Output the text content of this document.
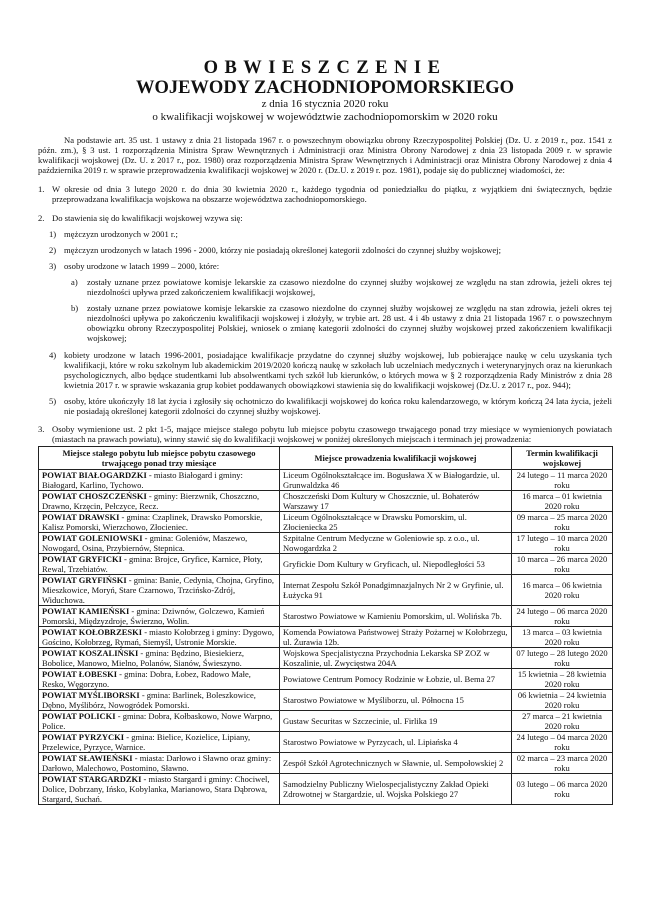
OBWIESZCZENIE

WOJEWODY ZACHODNIOPOMORSKIEGO

z dnia 16 stycznia 2020 roku

o kwalifikacji wojskowej w województwie zachodniopomorskim w 2020 roku

Na podstawie art. 35 ust. 1 ustawy z dnia 21 listopada 1967 r. o powszechnym obowiązku obrony Rzeczypospolitej Polskiej (Dz. U. z 2019 r., poz. 1541 z późn. zm.), § 3 ust. 1 rozporządzenia Ministra Spraw Wewnętrznych i Administracji oraz Ministra Obrony Narodowej z dnia 23 listopada 2009 r. w sprawie kwalifikacji wojskowej (Dz. U. z 2017 r., poz. 1980) oraz rozporządzenia Ministra Spraw Wewnętrznych i Administracji oraz Ministra Obrony Narodowej z dnia 4 października 2019 r. w sprawie przeprowadzenia kwalifikacji wojskowej w 2020 r. (Dz.U. z 2019 r. poz. 1981), podaje się do publicznej wiadomości, że:
1. W okresie od dnia 3 lutego 2020 r. do dnia 30 kwietnia 2020 r., każdego tygodnia od poniedziałku do piątku, z wyjątkiem dni świątecznych, będzie przeprowadzana kwalifikacja wojskowa na obszarze województwa zachodniopomorskiego.
2. Do stawienia się do kwalifikacji wojskowej wzywa się:
1) mężczyzn urodzonych w 2001 r.;
2) mężczyzn urodzonych w latach 1996 - 2000, którzy nie posiadają określonej kategorii zdolności do czynnej służby wojskowej;
3) osoby urodzone w latach 1999 – 2000, które:
a) zostały uznane przez powiatowe komisje lekarskie za czasowo niezdolne do czynnej służby wojskowej ze względu na stan zdrowia, jeżeli okres tej niezdolności upływa przed zakończeniem kwalifikacji wojskowej,
b) zostały uznane przez powiatowe komisje lekarskie za czasowo niezdolne do czynnej służby wojskowej ze względu na stan zdrowia, jeżeli okres tej niezdolności upływa po zakończeniu kwalifikacji wojskowej i złożyły, w trybie art. 28 ust. 4 i 4b ustawy z dnia 21 listopada 1967 r. o powszechnym obowiązku obrony Rzeczypospolitej Polskiej, wniosek o zmianę kategorii zdolności do czynnej służby wojskowej przed zakończeniem kwalifikacji wojskowej;
4) kobiety urodzone w latach 1996-2001, posiadające kwalifikacje przydatne do czynnej służby wojskowej, lub pobierające naukę w celu uzyskania tych kwalifikacji, które w roku szkolnym lub akademickim 2019/2020 kończą naukę w szkołach lub uczelniach medycznych i weterynaryjnych oraz na kierunkach psychologicznych, albo będące studentkami lub absolwentkami tych szkół lub kierunków, o których mowa w § 2 rozporządzenia Rady Ministrów z dnia 28 kwietnia 2017 r. w sprawie wskazania grup kobiet poddawanych obowiązkowi stawienia się do kwalifikacji wojskowej (Dz.U. z 2017 r., poz. 944);
5) osoby, które ukończyły 18 lat życia i zgłosiły się ochotniczo do kwalifikacji wojskowej do końca roku kalendarzowego, w którym kończą 24 lata życia, jeżeli nie posiadają określonej kategorii zdolności do czynnej służby wojskowej.
3. Osoby wymienione ust. 2 pkt 1-5, mające miejsce stałego pobytu lub miejsce pobytu czasowego trwającego ponad trzy miesiące w wymienionych powiatach (miastach na prawach powiatu), winny stawić się do kwalifikacji wojskowej w poniżej określonych miejscach i terminach jej prowadzenia:
Miejsce stałego pobytu lub miejsce pobytu czasowego trwającego ponad trzy miesiące	Miejsce prowadzenia kwalifikacji wojskowej	Termin kwalifikacji wojskowej
POWIAT BIAŁOGARDZKI - miasto Białogard i gminy: Białogard, Karlino, Tychowo.	Liceum Ogólnokształcące im. Bogusława X w Białogardzie, ul. Grunwaldzka 46	24 lutego – 11 marca 2020 roku
POWIAT CHOSZCZEŃSKI - gminy: Bierzwnik, Choszczno, Drawno, Krzęcin, Pełczyce, Recz.	Choszczeński Dom Kultury w Choszcznie, ul. Bohaterów Warszawy 17	16 marca – 01 kwietnia 2020 roku
POWIAT DRAWSKI - gmina: Czaplinek, Drawsko Pomorskie, Kalisz Pomorski, Wierzchowo, Złocieniec.	Liceum Ogólnokształcące w Drawsku Pomorskim, ul. Złocieniecka 25	09 marca – 25 marca 2020 roku
POWIAT GOLENIOWSKI - gmina: Goleniów, Maszewo, Nowogard, Osina, Przybiernów, Stepnica.	Szpitalne Centrum Medyczne w Goleniowie sp. z o.o., ul. Nowogardzka 2	17 lutego – 10 marca 2020 roku
POWIAT GRYFICKI - gmina: Brojce, Gryfice, Karnice, Płoty, Rewal, Trzebiatów.	Gryfickie Dom Kultury w Gryficach, ul. Niepodległości 53	10 marca – 26 marca 2020 roku
POWIAT GRYFIŃSKI - gmina: Banie, Cedynia, Chojna, Gryfino, Mieszkowice, Moryń, Stare Czarnowo, Trzcińsko-Zdrój, Widuchowa.	Internat Zespołu Szkół Ponadgimnazjalnych Nr 2 w Gryfinie, ul. Łużycka 91	16 marca – 06 kwietnia 2020 roku
POWIAT KAMIEŃSKI - gmina: Dziwnów, Golczewo, Kamień Pomorski, Międzyzdroje, Świerzno, Wolin.	Starostwo Powiatowe w Kamieniu Pomorskim, ul. Wolińska 7b.	24 lutego – 06 marca 2020 roku
POWIAT KOŁOBRZESKI - miasto Kołobrzeg i gminy: Dygowo, Gościno, Kołobrzeg, Rymań, Siemyśl, Ustronie Morskie.	Komenda Powiatowa Państwowej Straży Pożarnej w Kołobrzegu, ul. Żurawia 12b.	13 marca – 03 kwietnia 2020 roku
POWIAT KOSZALIŃSKI - gmina: Będzino, Biesiekierz, Bobolice, Manowo, Mielno, Polanów, Sianów, Świeszyno.	Wojskowa Specjalistyczna Przychodnia Lekarska SP ZOZ w Koszalinie, ul. Zwycięstwa 204A	07 lutego – 28 lutego 2020 roku
POWIAT ŁOBESKI - gmina: Dobra, Łobez, Radowo Małe, Resko, Węgorzyno.	Powiatowe Centrum Pomocy Rodzinie w Łobzie, ul. Bema 27	15 kwietnia – 28 kwietnia 2020 roku
POWIAT MYŚLIBORSKI - gmina: Barlinek, Boleszkowice, Dębno, Myślibórz, Nowogródek Pomorski.	Starostwo Powiatowe w Myśliborzu, ul. Północna 15	06 kwietnia – 24 kwietnia 2020 roku
POWIAT POLICKI - gmina: Dobra, Kołbaskowo, Nowe Warpno, Police.	Gustaw Securitas w Szczecinie, ul. Firlika 19	27 marca – 21 kwietnia 2020 roku
POWIAT PYRZYCKI - gmina: Bielice, Kozielice, Lipiany, Przelewice, Pyrzyce, Warnice.	Starostwo Powiatowe w Pyrzycach, ul. Lipiańska 4	24 lutego – 04 marca 2020 roku
POWIAT SŁAWIEŃSKI - miasta: Darłowo i Sławno oraz gminy: Darłowo, Malechowo, Postomino, Sławno.	Zespół Szkół Agrotechnicznych w Sławnie, ul. Sempołowskiej 2	02 marca – 23 marca 2020 roku
POWIAT STARGARDZKI - miasto Stargard i gminy: Chociwel, Dolice, Dobrzany, Ińsko, Kobylanka, Marianowo, Stara Dąbrowa, Stargard, Suchań.	Samodzielny Publiczny Wielospecjalistyczny Zakład Opieki Zdrowotnej w Stargardzie, ul. Wojska Polskiego 27	03 lutego – 06 marca 2020 roku
